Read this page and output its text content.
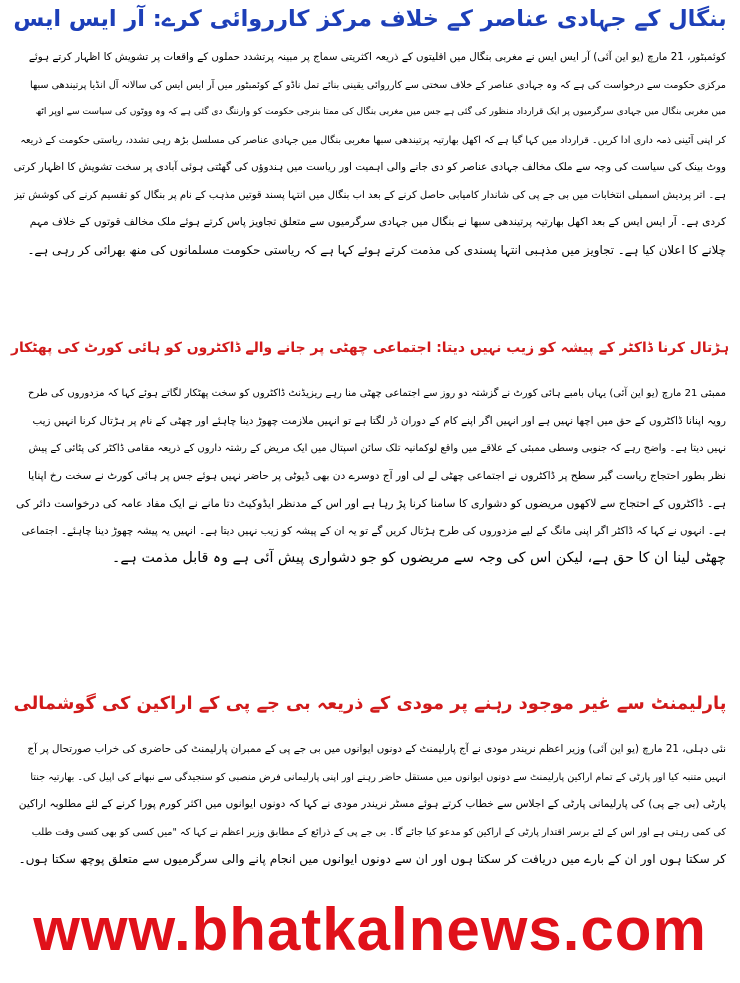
بنگال کے جہادی عناصر کے خلاف مرکز کارروائی کرے: آر ایس ایس
کوئمبٹور، 21 مارچ (یو این آئی) آر ایس ایس نے مغربی بنگال میں اقلیتوں کے ذریعہ اکثریتی سماج پر مبینہ پرتشدد حملوں کے واقعات پر تشویش کا اظہار کرتے ہوئے
مرکزی حکومت سے درخواست کی ہے کہ وہ جہادی عناصر کے خلاف سختی سے کارروائی یقینی بنائے تمل ناڈو کے کوئمبٹور میں آر ایس ایس کی سالانہ آل انڈیا پرتیندھی سبھا
میں مغربی بنگال میں جہادی سرگرمیوں پر ایک قرارداد منظور کی گئی ہے جس میں مغربی بنگال کی ممتا بنرجی حکومت کو وارننگ دی گئی ہے کہ وہ ووٹوں کی سیاست سے اوپر اٹھ
کر اپنی آئینی ذمہ داری ادا کریں۔ قرارداد میں کہا گیا ہے کہ اکھل بھارتیہ پرتیندھی سبھا مغربی بنگال میں جہادی عناصر کی مسلسل بڑھ رہی تشدد، ریاستی حکومت کے ذریعہ
ووٹ بینک کی سیاست کی وجہ سے ملک مخالف جہادی عناصر کو دی جانے والی اہمیت اور ریاست میں ہندوؤں کی گھٹتی ہوئی آبادی پر سخت تشویش کا اظہار کرتی
ہے۔ اتر پردیش اسمبلی انتخابات میں بی جے پی کی شاندار کامیابی حاصل کرنے کے بعد اب بنگال میں انتہا پسند قوتیں مذہب کے نام پر بنگال کو تقسیم کرنے کی کوشش تیز
کردی ہے۔ آر ایس ایس کے بعد اکھل بھارتیہ پرتیندھی سبھا نے بنگال میں جہادی سرگرمیوں سے متعلق تجاویز پاس کرتے ہوئے ملک مخالف قوتوں کے خلاف مہم
چلانے کا اعلان کیا ہے۔ تجاویز میں مذہبی انتہا پسندی کی مذمت کرتے ہوئے کہا ہے کہ ریاستی حکومت مسلمانوں کی منھ بھرائی کر رہی ہے۔
ہڑتال کرنا ڈاکٹر کے پیشہ کو زیب نہیں دیتا: اجتماعی چھٹی پر جانے والے ڈاکٹروں کو ہائی کورٹ کی پھٹکار
ممبئی 21 مارچ (یو این آئی) یہاں بامبے ہائی کورٹ نے گزشتہ دو روز سے اجتماعی چھٹی منا رہے ریزیڈنٹ ڈاکٹروں کو سخت پھٹکار لگاتے ہوئے کہا کہ مزدوروں کی طرح
رویہ اپنانا ڈاکٹروں کے حق میں اچھا نہیں ہے اور انہیں اگر اپنے کام کے دوران ڈر لگتا ہے تو انہیں ملازمت چھوڑ دینا چاہئے اور چھٹی کے نام پر ہڑتال کرنا انہیں زیب
نہیں دیتا ہے۔ واضح رہے کہ جنوبی وسطی ممبئی کے علاقے میں واقع لوکمانیہ تلک سائن اسپتال میں ایک مریض کے رشتہ داروں کے ذریعہ مقامی ڈاکٹر کی پٹائی کے پیش
نظر بطور احتجاج ریاست گیر سطح پر ڈاکٹروں نے اجتماعی چھٹی لے لی اور آج دوسرے دن بھی ڈیوٹی پر حاضر نہیں ہوئے جس پر ہائی کورٹ نے سخت رخ اپنایا
ہے۔ ڈاکٹروں کے احتجاج سے لاکھوں مریضوں کو دشواری کا سامنا کرنا پڑ رہا ہے اور اس کے مدنظر ایڈوکیٹ دتا مانے نے ایک مفاد عامہ کی درخواست دائر کی
ہے۔ انہوں نے کہا کہ ڈاکٹر اگر اپنی مانگ کے لیے مزدوروں کی طرح ہڑتال کریں گے تو یہ ان کے پیشہ کو زیب نہیں دیتا ہے۔ انہیں یہ پیشہ چھوڑ دینا چاہئے۔ اجتماعی
چھٹی لینا ان کا حق ہے، لیکن اس کی وجہ سے مریضوں کو جو دشواری پیش آئی ہے وہ قابل مذمت ہے۔
پارلیمنٹ سے غیر موجود رہنے پر مودی کے ذریعہ بی جے پی کے اراکین کی گوشمالی
نئی دہلی، 21 مارچ (یو این آئی) وزیر اعظم نریندر مودی نے آج پارلیمنٹ کے دونوں ایوانوں میں بی جے پی کے ممبران پارلیمنٹ کی حاضری کی خراب صورتحال پر آج
انہیں متنبہ کیا اور پارٹی کے تمام اراکین پارلیمنٹ سے دونوں ایوانوں میں مستقل حاضر رہنے اور اپنی پارلیمانی فرض منصبی کو سنجیدگی سے نبھانے کی اپیل کی۔ بھارتیہ جنتا
پارٹی (بی جے پی) کی پارلیمانی پارٹی کے اجلاس سے خطاب کرتے ہوئے مسٹر نریندر مودی نے کہا کہ دونوں ایوانوں میں اکثر کورم پورا کرنے کے لئے مطلوبہ اراکین
کی کمی رہتی ہے اور اس کے لئے برسر اقتدار پارٹی کے اراکین کو مدعو کیا جائے گا۔ بی جے پی کے ذرائع کے مطابق وزیر اعظم نے کہا کہ "میں کسی کو بھی کسی وقت طلب
کر سکتا ہوں اور ان کے بارے میں دریافت کر سکتا ہوں اور ان سے دونوں ایوانوں میں انجام پانے والی سرگرمیوں سے متعلق پوچھ سکتا ہوں۔
www.bhatkalnews.com
